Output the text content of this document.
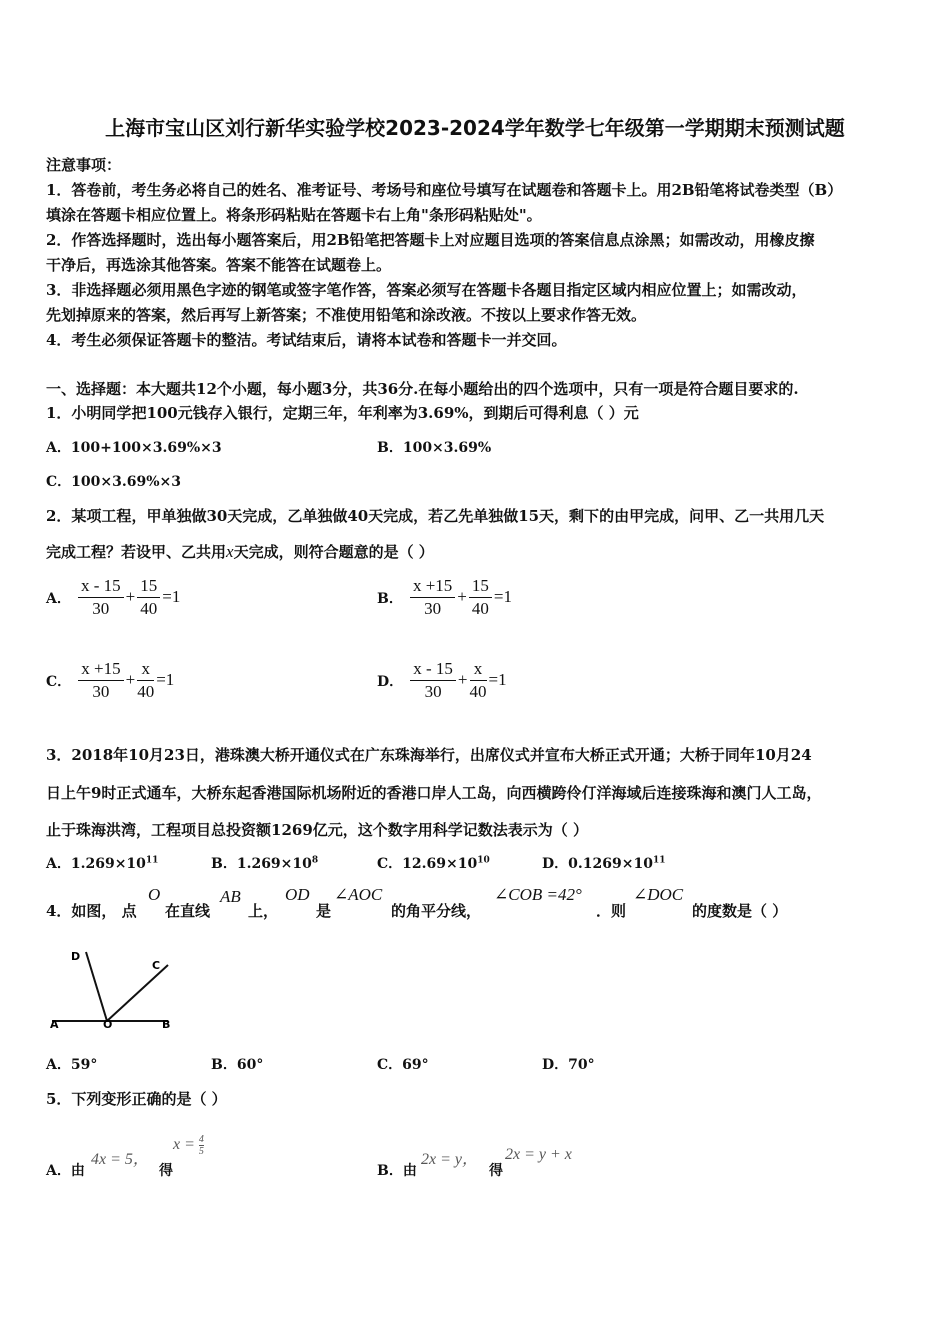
上海市宝山区刘行新华实验学校2023-2024学年数学七年级第一学期期末预测试题
注意事项：
1．答卷前，考生务必将自己的姓名、准考证号、考场号和座位号填写在试题卷和答题卡上。用2B铅笔将试卷类型（B）
填涂在答题卡相应位置上。将条形码粘贴在答题卡右上角"条形码粘贴处"。
2．作答选择题时，选出每小题答案后，用2B铅笔把答题卡上对应题目选项的答案信息点涂黑；如需改动，用橡皮擦
干净后，再选涂其他答案。答案不能答在试题卷上。
3．非选择题必须用黑色字迹的钢笔或签字笔作答，答案必须写在答题卡各题目指定区域内相应位置上；如需改动，
先划掉原来的答案，然后再写上新答案；不准使用铅笔和涂改液。不按以上要求作答无效。
4．考生必须保证答题卡的整洁。考试结束后，请将本试卷和答题卡一并交回。
一、选择题：本大题共12个小题，每小题3分，共36分.在每小题给出的四个选项中，只有一项是符合题目要求的.
1．小明同学把100元钱存入银行，定期三年，年利率为3.69%，到期后可得利息（ ）元
A．100+100×3.69%×3	B．100×3.69%
C．100×3.69%×3
2．某项工程，甲单独做30天完成，乙单独做40天完成，若乙先单独做15天，剩下的由甲完成，问甲、乙一共用几天
完成工程？若设甲、乙共用x天完成，则符合题意的是（ ）
A． $\frac{x - 15}{30} + \frac{15}{40} =1$	B． $\frac{x +15}{30} + \frac{15}{40} =1$
C． $\frac{x +15}{30} + \frac{x}{40} =1$	D． $\frac{x - 15}{30} + \frac{x}{40} =1$
3．2018年10月23日，港珠澳大桥开通仪式在广东珠海举行，出席仪式并宣布大桥正式开通；大桥于同年10月24
日上午9时正式通车，大桥东起香港国际机场附近的香港口岸人工岛，向西横跨伶仃洋海域后连接珠海和澳门人工岛，
止于珠海洪湾，工程项目总投资额1269亿元，这个数字用科学记数法表示为（ ）
A．$1.269\times 10^{11}$	B．$1.269\times 10^8$	C．$12.69\times 10^{10}$	D．$0.1269\times 10^{11}$
4．如图， 点
O
在直线
AB
上，
OD
是
∠AOC
的角平分线，
∠COB =42°
．则
∠DOC
的度数是（ ）
D
C
A	O	B
A．59°	B．60°	C．69°	D．70°
5．下列变形正确的是（ ）
A．由
4x = 5，
$x = \frac{4}{5}$
得	B．由
2x = y，
得
2x = y + x
